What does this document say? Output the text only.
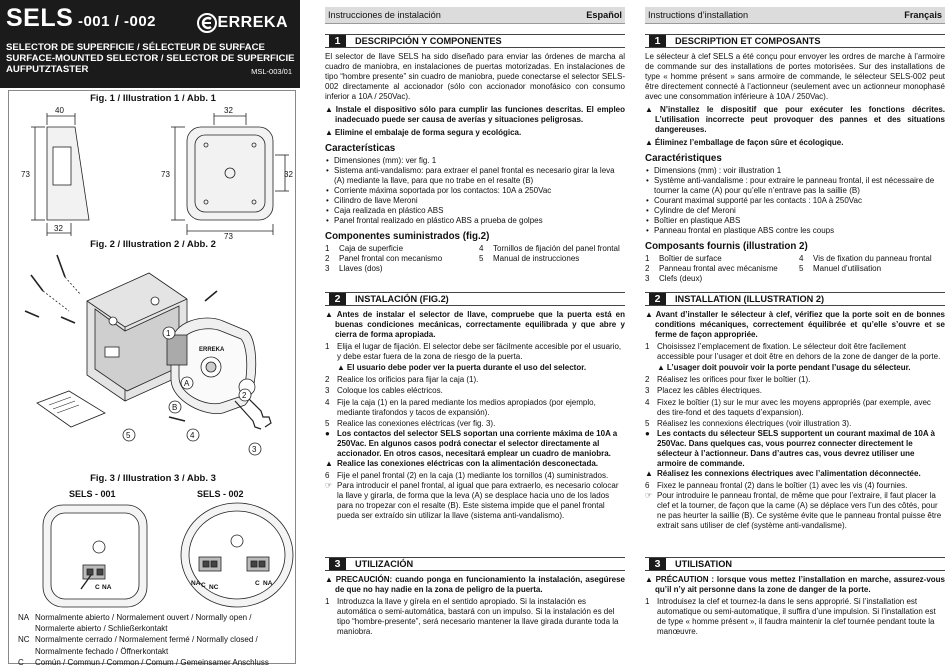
SELS -001 / -002	ERREKA
SELECTOR DE SUPERFICIE / SÉLECTEUR DE SURFACE
SURFACE-MOUNTED SELECTOR / SELECTOR DE SUPERFICIE
AUFPUTZTASTER	MSL-003/01
Fig. 1 / Illustration 1 / Abb. 1
40
73
32
32
73	32
73
Fig. 2 / Illustration 2 / Abb. 2
1
2
3
4
5
A
B
ERREKA
Fig. 3 / Illustration 3 / Abb. 3
SELS - 001	SELS - 002
C NA
NA C NC
C NA
NA Normalmente abierto / Normalement ouvert / Normally open /
Normalerte abierto / Schließerkontakt
NC Normalmente cerrado / Normalement fermé / Normally closed /
Normalmente fechado / Öffnerkontakt
C	Común / Commun / Common / Comum / Gemeinsamer Anschluss
Instrucciones de instalación	Español
1	DESCRIPCIÓN Y COMPONENTES

El selector de llave SELS ha sido diseñado para enviar las órdenes de marcha al cuadro de maniobra, en instalaciones de puertas motorizadas. En instalaciones de tipo “hombre presente” sin cuadro de maniobra, puede conectarse el selector SELS-002 directamente al accionador (sólo con accionador monofásico con consumo inferior a 10A / 250Vac).

▲ Instale el dispositivo sólo para cumplir las funciones descritas. El empleo inadecuado puede ser causa de averías y situaciones peligrosas.

▲ Elimine el embalaje de forma segura y ecológica.

Características
• Dimensiones (mm): ver fig. 1
• Sistema anti-vandalismo: para extraer el panel frontal es necesario girar la leva (A) mediante la llave, para que no trabe en el resalte (B)
• Corriente máxima soportada por los contactos: 10A a 250Vac
• Cilindro de llave Meroni
• Caja realizada en plástico ABS
• Panel frontal realizado en plástico ABS a prueba de golpes
Componentes suministrados (fig.2)
1	Caja de superficie	4	Tornillos de fijación del panel frontal
2	Panel frontal con mecanismo	5	Manual de instrucciones
3	Llaves (dos)
2	INSTALACIÓN (FIG.2)

▲ Antes de instalar el selector de llave, compruebe que la puerta está en buenas condiciones mecánicas, correctamente equilibrada y que abre y cierra de forma apropiada.

1 Elija el lugar de fijación. El selector debe ser fácilmente accesible por el usuario, y debe estar fuera de la zona de riesgo de la puerta.
▲ El usuario debe poder ver la puerta durante el uso del selector.
2 Realice los orificios para fijar la caja (1).
3 Coloque los cables eléctricos.
4 Fije la caja (1) en la pared mediante los medios apropiados (por ejemplo, mediante tirafondos y tacos de expansión).
5 Realice las conexiones eléctricas (ver fig. 3).
● Los contactos del selector SELS soportan una corriente máxima de 10A a 250Vac. En algunos casos podrá conectar el selector directamente al accionador. En otros casos, necesitará emplear un cuadro de maniobra.
▲ Realice las conexiones eléctricas con la alimentación desconectada.
6 Fije el panel frontal (2) en la caja (1) mediante los tornillos (4) suministrados.
☞ Para introducir el panel frontal, al igual que para extraerlo, es necesario colocar la llave y girarla, de forma que la leva (A) se desplace hacia uno de los lados para no tropezar con el resalte (B). Este sistema impide que el panel frontal pueda ser extraído sin utilizar la llave (sistema anti-vandalismo).
3	UTILIZACIÓN

▲ PRECAUCIÓN: cuando ponga en funcionamiento la instalación, asegúrese de que no hay nadie en la zona de peligro de la puerta.

1 Introduzca la llave y gírela en el sentido apropiado. Si la instalación es automática o semi-automática, bastará con un impulso. Si la instalación es del tipo “hombre-presente”, será necesario mantener la llave girada durante toda la maniobra.
Instructions d’installation	Français
1	DESCRIPTION ET COMPOSANTS

Le sélecteur à clef SELS a été conçu pour envoyer les ordres de marche à l’armoire de commande sur des installations de portes motorisées. Sur des installations de type « homme présent » sans armoire de commande, le sélecteur SELS-002 peut être directement connecté à l’actionneur (seulement avec un actionneur monophasé avec une consommation inférieure à 10A / 250Vac).

▲ N’installez le dispositif que pour exécuter les fonctions décrites. L’utilisation incorrecte peut provoquer des pannes et des situations dangereuses.

▲ Éliminez l’emballage de façon sûre et écologique.

Caractéristiques
• Dimensions (mm) : voir illustration 1
• Système anti-vandalisme : pour extraire le panneau frontal, il est nécessaire de tourner la came (A) pour qu’elle n’entrave pas la saillie (B)
• Courant maximal supporté par les contacts : 10A à 250Vac
• Cylindre de clef Meroni
• Boîtier en plastique ABS
• Panneau frontal en plastique ABS contre les coups
Composants fournis (illustration 2)
1	Boîtier de surface	4	Vis de fixation du panneau frontal
2	Panneau frontal avec mécanisme	5	Manuel d’utilisation
3	Clefs (deux)
2	INSTALLATION (ILLUSTRATION 2)

▲ Avant d’installer le sélecteur à clef, vérifiez que la porte soit en de bonnes conditions mécaniques, correctement équilibrée et qu’elle s’ouvre et se ferme de façon appropriée.

1 Choisissez l’emplacement de fixation. Le sélecteur doit être facilement accessible pour l’usager et doit être en dehors de la zone de danger de la porte.
▲ L’usager doit pouvoir voir la porte pendant l’usage du sélecteur.
2 Réalisez les orifices pour fixer le boîtier (1).
3 Placez les câbles électriques.
4 Fixez le boîtier (1) sur le mur avec les moyens appropriés (par exemple, avec des tire-fond et des taquets d’expansion).
5 Réalisez les connexions électriques (voir illustration 3).
● Les contacts du sélecteur SELS supportent un courant maximal de 10A à 250Vac. Dans quelques cas, vous pourrez connecter directement le sélecteur à l’actionneur. Dans d’autres cas, vous devrez utiliser une armoire de commande.
▲ Réalisez les connexions électriques avec l’alimentation déconnectée.
6 Fixez le panneau frontal (2) dans le boîtier (1) avec les vis (4) fournies.
☞ Pour introduire le panneau frontal, de même que pour l’extraire, il faut placer la clef et la tourner, de façon que la came (A) se déplace vers l’un des côtés, pour ne pas heurter la saillie (B). Ce système évite que le panneau frontal puisse être extrait sans utiliser de clef (système anti-vandalisme).
3	UTILISATION

▲ PRÉCAUTION : lorsque vous mettez l’installation en marche, assurez-vous qu’il n’y ait personne dans la zone de danger de la porte.

1 Introduisez la clef et tournez-la dans le sens approprié. Si l’installation est automatique ou semi-automatique, il suffira d’une impulsion. Si l’installation est de type « homme présent », il faudra maintenir la clef tournée pendant toute la manœuvre.
